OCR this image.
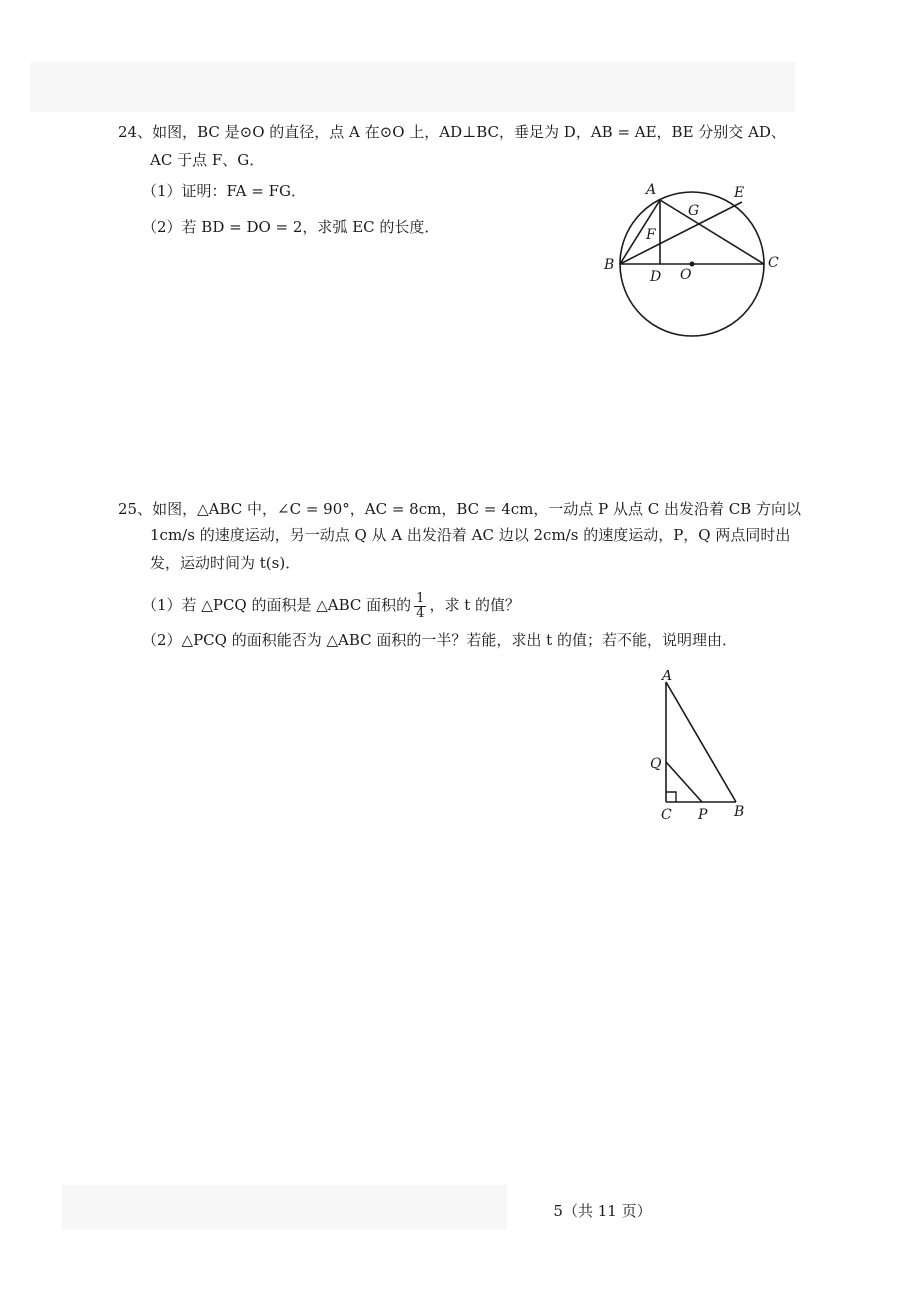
24、如图，BC 是⊙O 的直径，点 A 在⊙O 上，AD⊥BC，垂足为 D，AB = AE，BE 分别交 AD、
AC 于点 F、G．
（1）证明：FA = FG．
（2）若 BD = DO = 2，求弧 EC 的长度．
A	E
G
F
B
D O
C
25、如图，△ABC 中，∠C = 90°，AC = 8cm，BC = 4cm，一动点 P 从点 C 出发沿着 CB 方向以
1cm/s 的速度运动，另一动点 Q 从 A 出发沿着 AC 边以 2cm/s 的速度运动，P，Q 两点同时出
发，运动时间为 t(s)．
（1）若 △PCQ 的面积是 △ABC 面积的 $\frac{1}{4}$ ，求 t 的值？
（2）△PCQ 的面积能否为 △ABC 面积的一半？若能，求出 t 的值；若不能，说明理由．
A
Q
C P B
5（共 11 页）
